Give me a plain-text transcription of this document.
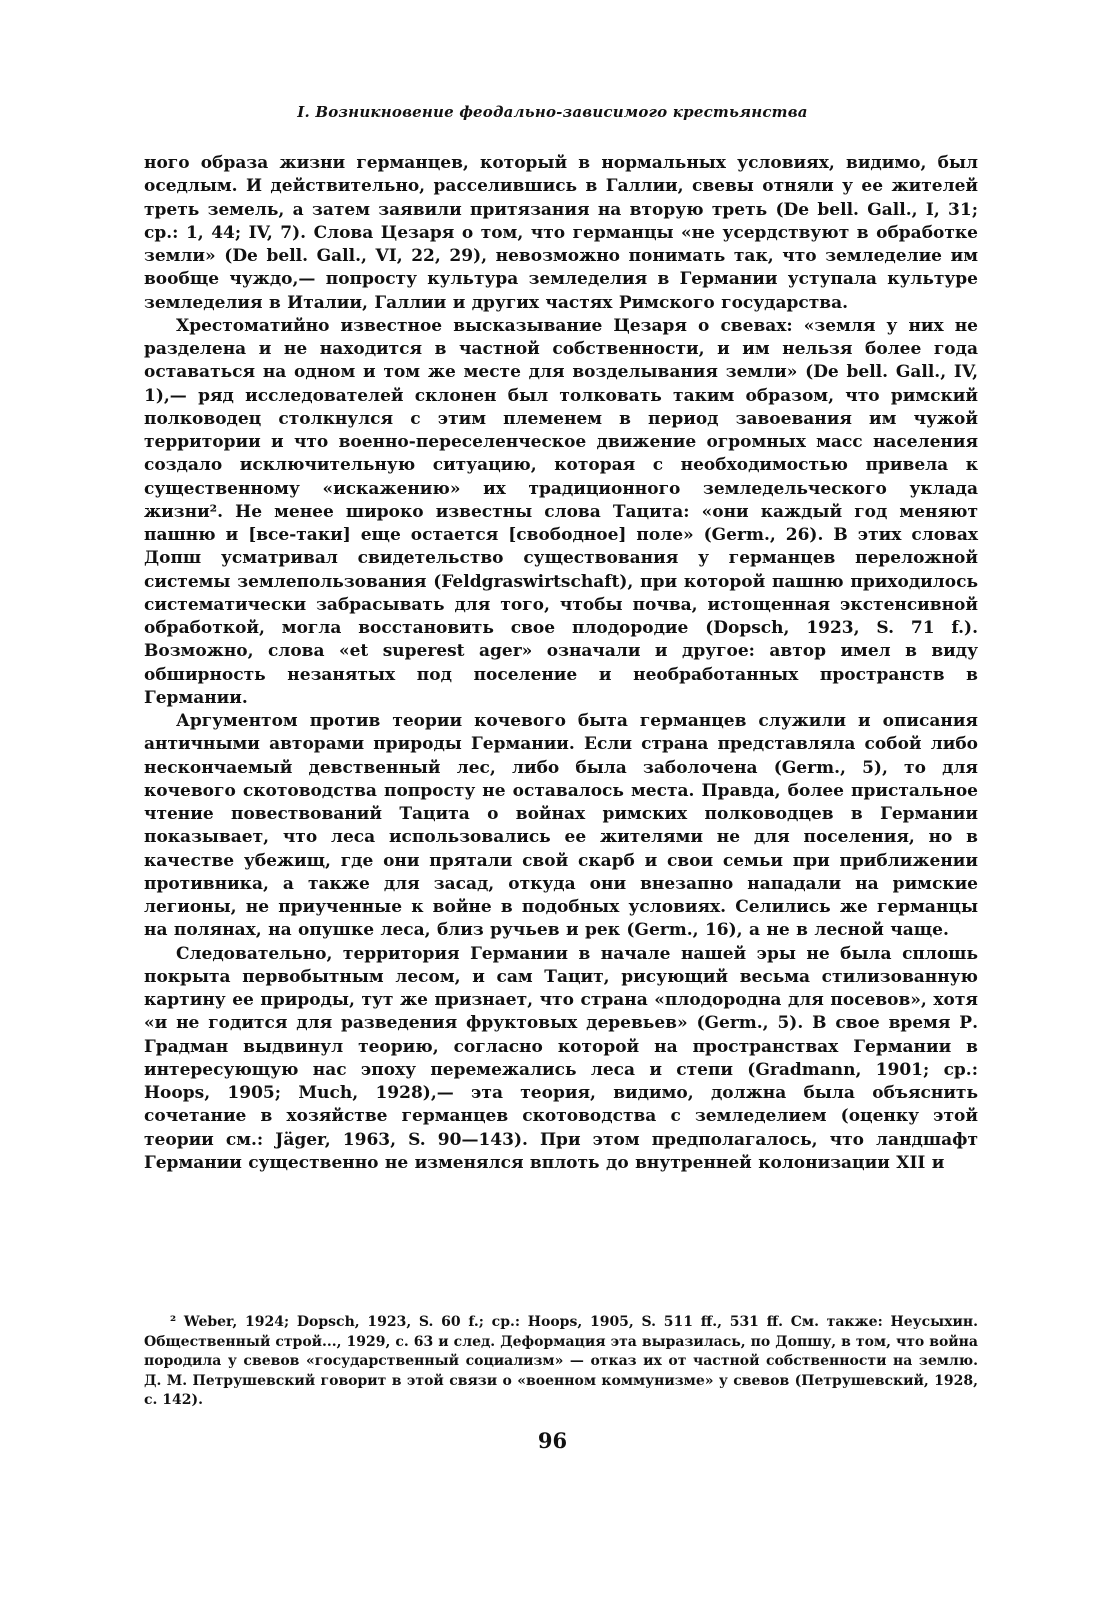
I. Возникновение феодально-зависимого крестьянства

ного образа жизни германцев, который в нормальных условиях, видимо, был оседлым. И действительно, расселившись в Галлии, свевы отняли у ее жителей треть земель, а затем заявили притязания на вторую треть (De bell. Gall., I, 31; ср.: 1, 44; IV, 7). Слова Цезаря о том, что германцы «не усердствуют в обработке земли» (De bell. Gall., VI, 22, 29), невозможно понимать так, что земледелие им вообще чуждо,— попросту культура земледелия в Германии уступала культуре земледелия в Италии, Галлии и других частях Римского государства.

Хрестоматийно известное высказывание Цезаря о свевах: «земля у них не разделена и не находится в частной собственности, и им нельзя более года оставаться на одном и том же месте для возделывания земли» (De bell. Gall., IV, 1),— ряд исследователей склонен был толковать таким образом, что римский полководец столкнулся с этим племенем в период завоевания им чужой территории и что военно-переселенческое движение огромных масс населения создало исключительную ситуацию, которая с необходимостью привела к существенному «искажению» их традиционного земледельческого уклада жизни². Не менее широко известны слова Тацита: «они каждый год меняют пашню и [все-таки] еще остается [свободное] поле» (Germ., 26). В этих словах Допш усматривал свидетельство существования у германцев переложной системы землепользования (Feldgraswirtschaft), при которой пашню приходилось систематически забрасывать для того, чтобы почва, истощенная экстенсивной обработкой, могла восстановить свое плодородие (Dopsch, 1923, S. 71 f.). Возможно, слова «et superest ager» означали и другое: автор имел в виду обширность незанятых под поселение и необработанных пространств в Германии.

Аргументом против теории кочевого быта германцев служили и описания античными авторами природы Германии. Если страна представляла собой либо нескончаемый девственный лес, либо была заболочена (Germ., 5), то для кочевого скотоводства попросту не оставалось места. Правда, более пристальное чтение повествований Тацита о войнах римских полководцев в Германии показывает, что леса использовались ее жителями не для поселения, но в качестве убежищ, где они прятали свой скарб и свои семьи при приближении противника, а также для засад, откуда они внезапно нападали на римские легионы, не приученные к войне в подобных условиях. Селились же германцы на полянах, на опушке леса, близ ручьев и рек (Germ., 16), а не в лесной чаще.

Следовательно, территория Германии в начале нашей эры не была сплошь покрыта первобытным лесом, и сам Тацит, рисующий весьма стилизованную картину ее природы, тут же признает, что страна «плодородна для посевов», хотя «и не годится для разведения фруктовых деревьев» (Germ., 5). В свое время Р. Градман выдвинул теорию, согласно которой на пространствах Германии в интересующую нас эпоху перемежались леса и степи (Gradmann, 1901; ср.: Hoops, 1905; Much, 1928),— эта теория, видимо, должна была объяснить сочетание в хозяйстве германцев скотоводства с земледелием (оценку этой теории см.: Jäger, 1963, S. 90—143). При этом предполагалось, что ландшафт Германии существенно не изменялся вплоть до внутренней колонизации XII и

² Weber, 1924; Dopsch, 1923, S. 60 f.; ср.: Hoops, 1905, S. 511 ff., 531 ff. См. также: Неусыхин. Общественный строй..., 1929, с. 63 и след. Деформация эта выразилась, по Допшу, в том, что война породила у свевов «государственный социализм» — отказ их от частной собственности на землю. Д. М. Петрушевский говорит в этой связи о «военном коммунизме» у свевов (Петрушевский, 1928, с. 142).

96
